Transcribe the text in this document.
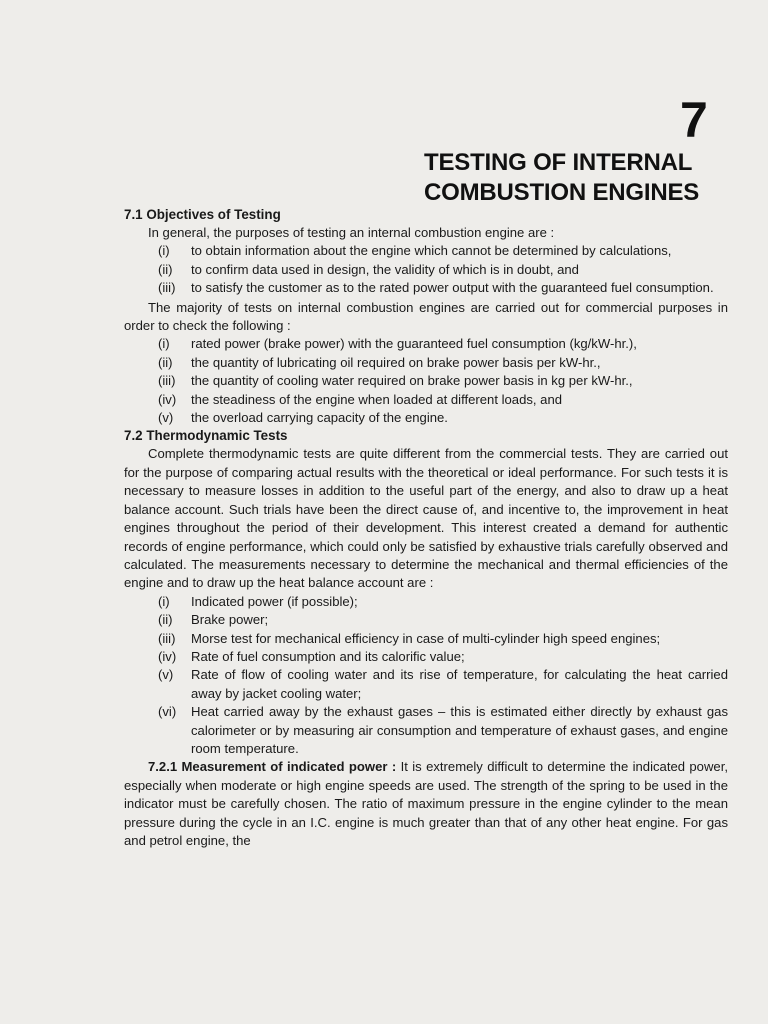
7
TESTING OF INTERNAL
COMBUSTION ENGINES
7.1 Objectives of Testing

In general, the purposes of testing an internal combustion engine are :

(i) to obtain information about the engine which cannot be determined by calculations,
(ii) to confirm data used in design, the validity of which is in doubt, and
(iii) to satisfy the customer as to the rated power output with the guaranteed fuel consumption.

The majority of tests on internal combustion engines are carried out for commercial purposes in order to check the following :

(i) rated power (brake power) with the guaranteed fuel consumption (kg/kW-hr.),
(ii) the quantity of lubricating oil required on brake power basis per kW-hr.,
(iii) the quantity of cooling water required on brake power basis in kg per kW-hr.,
(iv) the steadiness of the engine when loaded at different loads, and
(v) the overload carrying capacity of the engine.
7.2 Thermodynamic Tests

Complete thermodynamic tests are quite different from the commercial tests. They are carried out for the purpose of comparing actual results with the theoretical or ideal performance. For such tests it is necessary to measure losses in addition to the useful part of the energy, and also to draw up a heat balance account. Such trials have been the direct cause of, and incentive to, the improvement in heat engines throughout the period of their development. This interest created a demand for authentic records of engine performance, which could only be satisfied by exhaustive trials carefully observed and calculated. The measurements necessary to determine the mechanical and thermal efficiencies of the engine and to draw up the heat balance account are :

(i) Indicated power (if possible);
(ii) Brake power;
(iii) Morse test for mechanical efficiency in case of multi-cylinder high speed engines;
(iv) Rate of fuel consumption and its calorific value;
(v) Rate of flow of cooling water and its rise of temperature, for calculating the heat carried away by jacket cooling water;
(vi) Heat carried away by the exhaust gases – this is estimated either directly by exhaust gas calorimeter or by measuring air consumption and temperature of exhaust gases, and engine room temperature.

7.2.1 Measurement of indicated power : It is extremely difficult to determine the indicated power, especially when moderate or high engine speeds are used. The strength of the spring to be used in the indicator must be carefully chosen. The ratio of maximum pressure in the engine cylinder to the mean pressure during the cycle in an I.C. engine is much greater than that of any other heat engine. For gas and petrol engine, the
